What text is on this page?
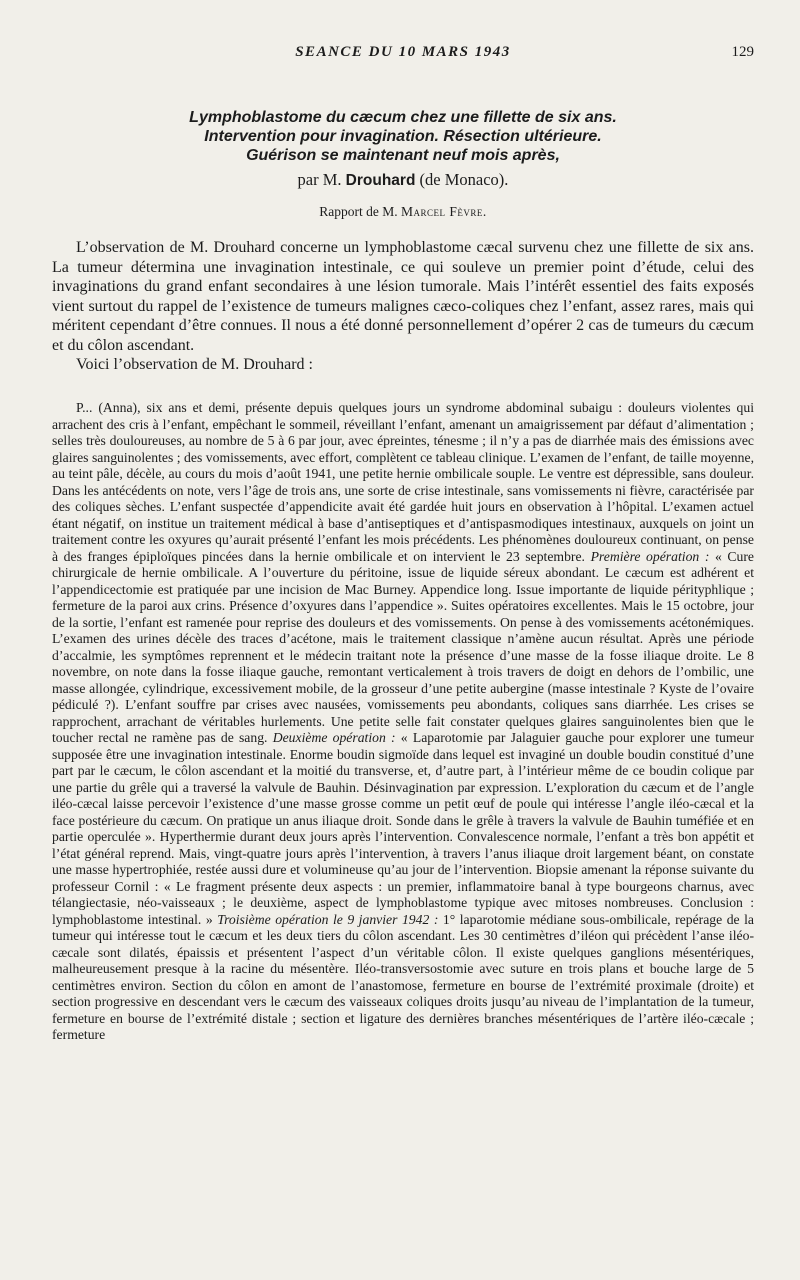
SEANCE DU 10 MARS 1943	129
Lymphoblastome du cæcum chez une fillette de six ans.
Intervention pour invagination. Résection ultérieure.
Guérison se maintenant neuf mois après,
par M. Drouhard (de Monaco).
Rapport de M. Marcel Fèvre.

L’observation de M. Drouhard concerne un lymphoblastome cæcal survenu chez une fillette de six ans. La tumeur détermina une invagination intestinale, ce qui souleve un premier point d’étude, celui des invaginations du grand enfant secondaires à une lésion tumorale. Mais l’intérêt essentiel des faits exposés vient surtout du rappel de l’existence de tumeurs malignes cæco-coliques chez l’enfant, assez rares, mais qui méritent cependant d’être connues. Il nous a été donné personnellement d’opérer 2 cas de tumeurs du cæcum et du côlon ascendant.

Voici l’observation de M. Drouhard :

P... (Anna), six ans et demi, présente depuis quelques jours un syndrome abdominal subaigu : douleurs violentes qui arrachent des cris à l’enfant, empêchant le sommeil, réveillant l’enfant, amenant un amaigrissement par défaut d’alimentation ; selles très douloureuses, au nombre de 5 à 6 par jour, avec épreintes, ténesme ; il n’y a pas de diarrhée mais des émissions avec glaires sanguinolentes ; des vomissements, avec effort, complètent ce tableau clinique. L’examen de l’enfant, de taille moyenne, au teint pâle, décèle, au cours du mois d’août 1941, une petite hernie ombilicale souple. Le ventre est dépressible, sans douleur. Dans les antécédents on note, vers l’âge de trois ans, une sorte de crise intestinale, sans vomissements ni fièvre, caractérisée par des coliques sèches. L’enfant suspectée d’appendicite avait été gardée huit jours en observation à l’hôpital. L’examen actuel étant négatif, on institue un traitement médical à base d’antiseptiques et d’antispasmodiques intestinaux, auxquels on joint un traitement contre les oxyures qu’aurait présenté l’enfant les mois précédents. Les phénomènes douloureux continuant, on pense à des franges épiploïques pincées dans la hernie ombilicale et on intervient le 23 septembre. Première opération : « Cure chirurgicale de hernie ombilicale. A l’ouverture du péritoine, issue de liquide séreux abondant. Le cæcum est adhérent et l’appendicectomie est pratiquée par une incision de Mac Burney. Appendice long. Issue importante de liquide pérityphlique ; fermeture de la paroi aux crins. Présence d’oxyures dans l’appendice ». Suites opératoires excellentes. Mais le 15 octobre, jour de la sortie, l’enfant est ramenée pour reprise des douleurs et des vomissements. On pense à des vomissements acétonémiques. L’examen des urines décèle des traces d’acétone, mais le traitement classique n’amène aucun résultat. Après une période d’accalmie, les symptômes reprennent et le médecin traitant note la présence d’une masse de la fosse iliaque droite. Le 8 novembre, on note dans la fosse iliaque gauche, remontant verticalement à trois travers de doigt en dehors de l’ombilic, une masse allongée, cylindrique, excessivement mobile, de la grosseur d’une petite aubergine (masse intestinale ? Kyste de l’ovaire pédiculé ?). L’enfant souffre par crises avec nausées, vomissements peu abondants, coliques sans diarrhée. Les crises se rapprochent, arrachant de véritables hurlements. Une petite selle fait constater quelques glaires sanguinolentes bien que le toucher rectal ne ramène pas de sang. Deuxième opération : « Laparotomie par Jalaguier gauche pour explorer une tumeur supposée être une invagination intestinale. Enorme boudin sigmoïde dans lequel est invaginé un double boudin constitué d’une part par le cæcum, le côlon ascendant et la moitié du transverse, et, d’autre part, à l’intérieur même de ce boudin colique par une partie du grêle qui a traversé la valvule de Bauhin. Désinvagination par expression. L’exploration du cæcum et de l’angle iléo-cæcal laisse percevoir l’existence d’une masse grosse comme un petit œuf de poule qui intéresse l’angle iléo-cæcal et la face postérieure du cæcum. On pratique un anus iliaque droit. Sonde dans le grêle à travers la valvule de Bauhin tuméfiée et en partie operculée ». Hyperthermie durant deux jours après l’intervention. Convalescence normale, l’enfant a très bon appétit et l’état général reprend. Mais, vingt-quatre jours après l’intervention, à travers l’anus iliaque droit largement béant, on constate une masse hypertrophiée, restée aussi dure et volumineuse qu’au jour de l’intervention. Biopsie amenant la réponse suivante du professeur Cornil : « Le fragment présente deux aspects : un premier, inflammatoire banal à type bourgeons charnus, avec télangiectasie, néo-vaisseaux ; le deuxième, aspect de lymphoblastome typique avec mitoses nombreuses. Conclusion : lymphoblastome intestinal. » Troisième opération le 9 janvier 1942 : 1° laparotomie médiane sous-ombilicale, repérage de la tumeur qui intéresse tout le cæcum et les deux tiers du côlon ascendant. Les 30 centimètres d’iléon qui précèdent l’anse iléo-cæcale sont dilatés, épaissis et présentent l’aspect d’un véritable côlon. Il existe quelques ganglions mésentériques, malheureusement presque à la racine du mésentère. Iléo-transversostomie avec suture en trois plans et bouche large de 5 centimètres environ. Section du côlon en amont de l’anastomose, fermeture en bourse de l’extrémité proximale (droite) et section progressive en descendant vers le cæcum des vaisseaux coliques droits jusqu’au niveau de l’implantation de la tumeur, fermeture en bourse de l’extrémité distale ; section et ligature des dernières branches mésentériques de l’artère iléo-cæcale ; fermeture
